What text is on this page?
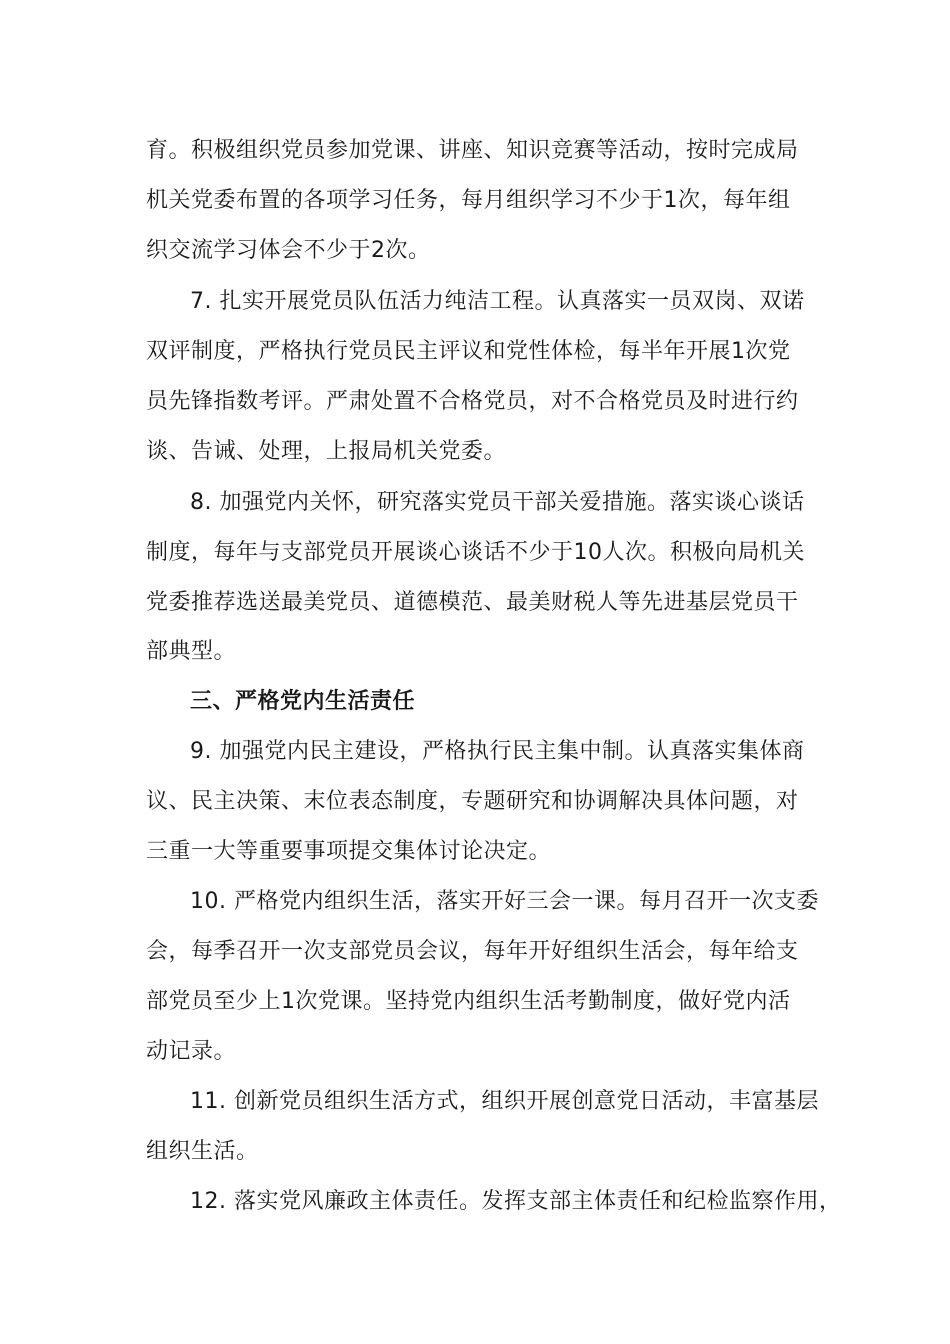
育。积极组织党员参加党课、讲座、知识竞赛等活动，按时完成局
机关党委布置的各项学习任务，每月组织学习不少于1次，每年组
织交流学习体会不少于2次。
7. 扎实开展党员队伍活力纯洁工程。认真落实一员双岗、双诺
双评制度，严格执行党员民主评议和党性体检，每半年开展1次党
员先锋指数考评。严肃处置不合格党员，对不合格党员及时进行约
谈、告诫、处理，上报局机关党委。
8. 加强党内关怀，研究落实党员干部关爱措施。落实谈心谈话
制度，每年与支部党员开展谈心谈话不少于10人次。积极向局机关
党委推荐选送最美党员、道德模范、最美财税人等先进基层党员干
部典型。
三、严格党内生活责任
9. 加强党内民主建设，严格执行民主集中制。认真落实集体商
议、民主决策、末位表态制度，专题研究和协调解决具体问题，对
三重一大等重要事项提交集体讨论决定。
10. 严格党内组织生活，落实开好三会一课。每月召开一次支委
会，每季召开一次支部党员会议，每年开好组织生活会，每年给支
部党员至少上1次党课。坚持党内组织生活考勤制度，做好党内活
动记录。
11. 创新党员组织生活方式，组织开展创意党日活动，丰富基层
组织生活。
12. 落实党风廉政主体责任。发挥支部主体责任和纪检监察作用，
